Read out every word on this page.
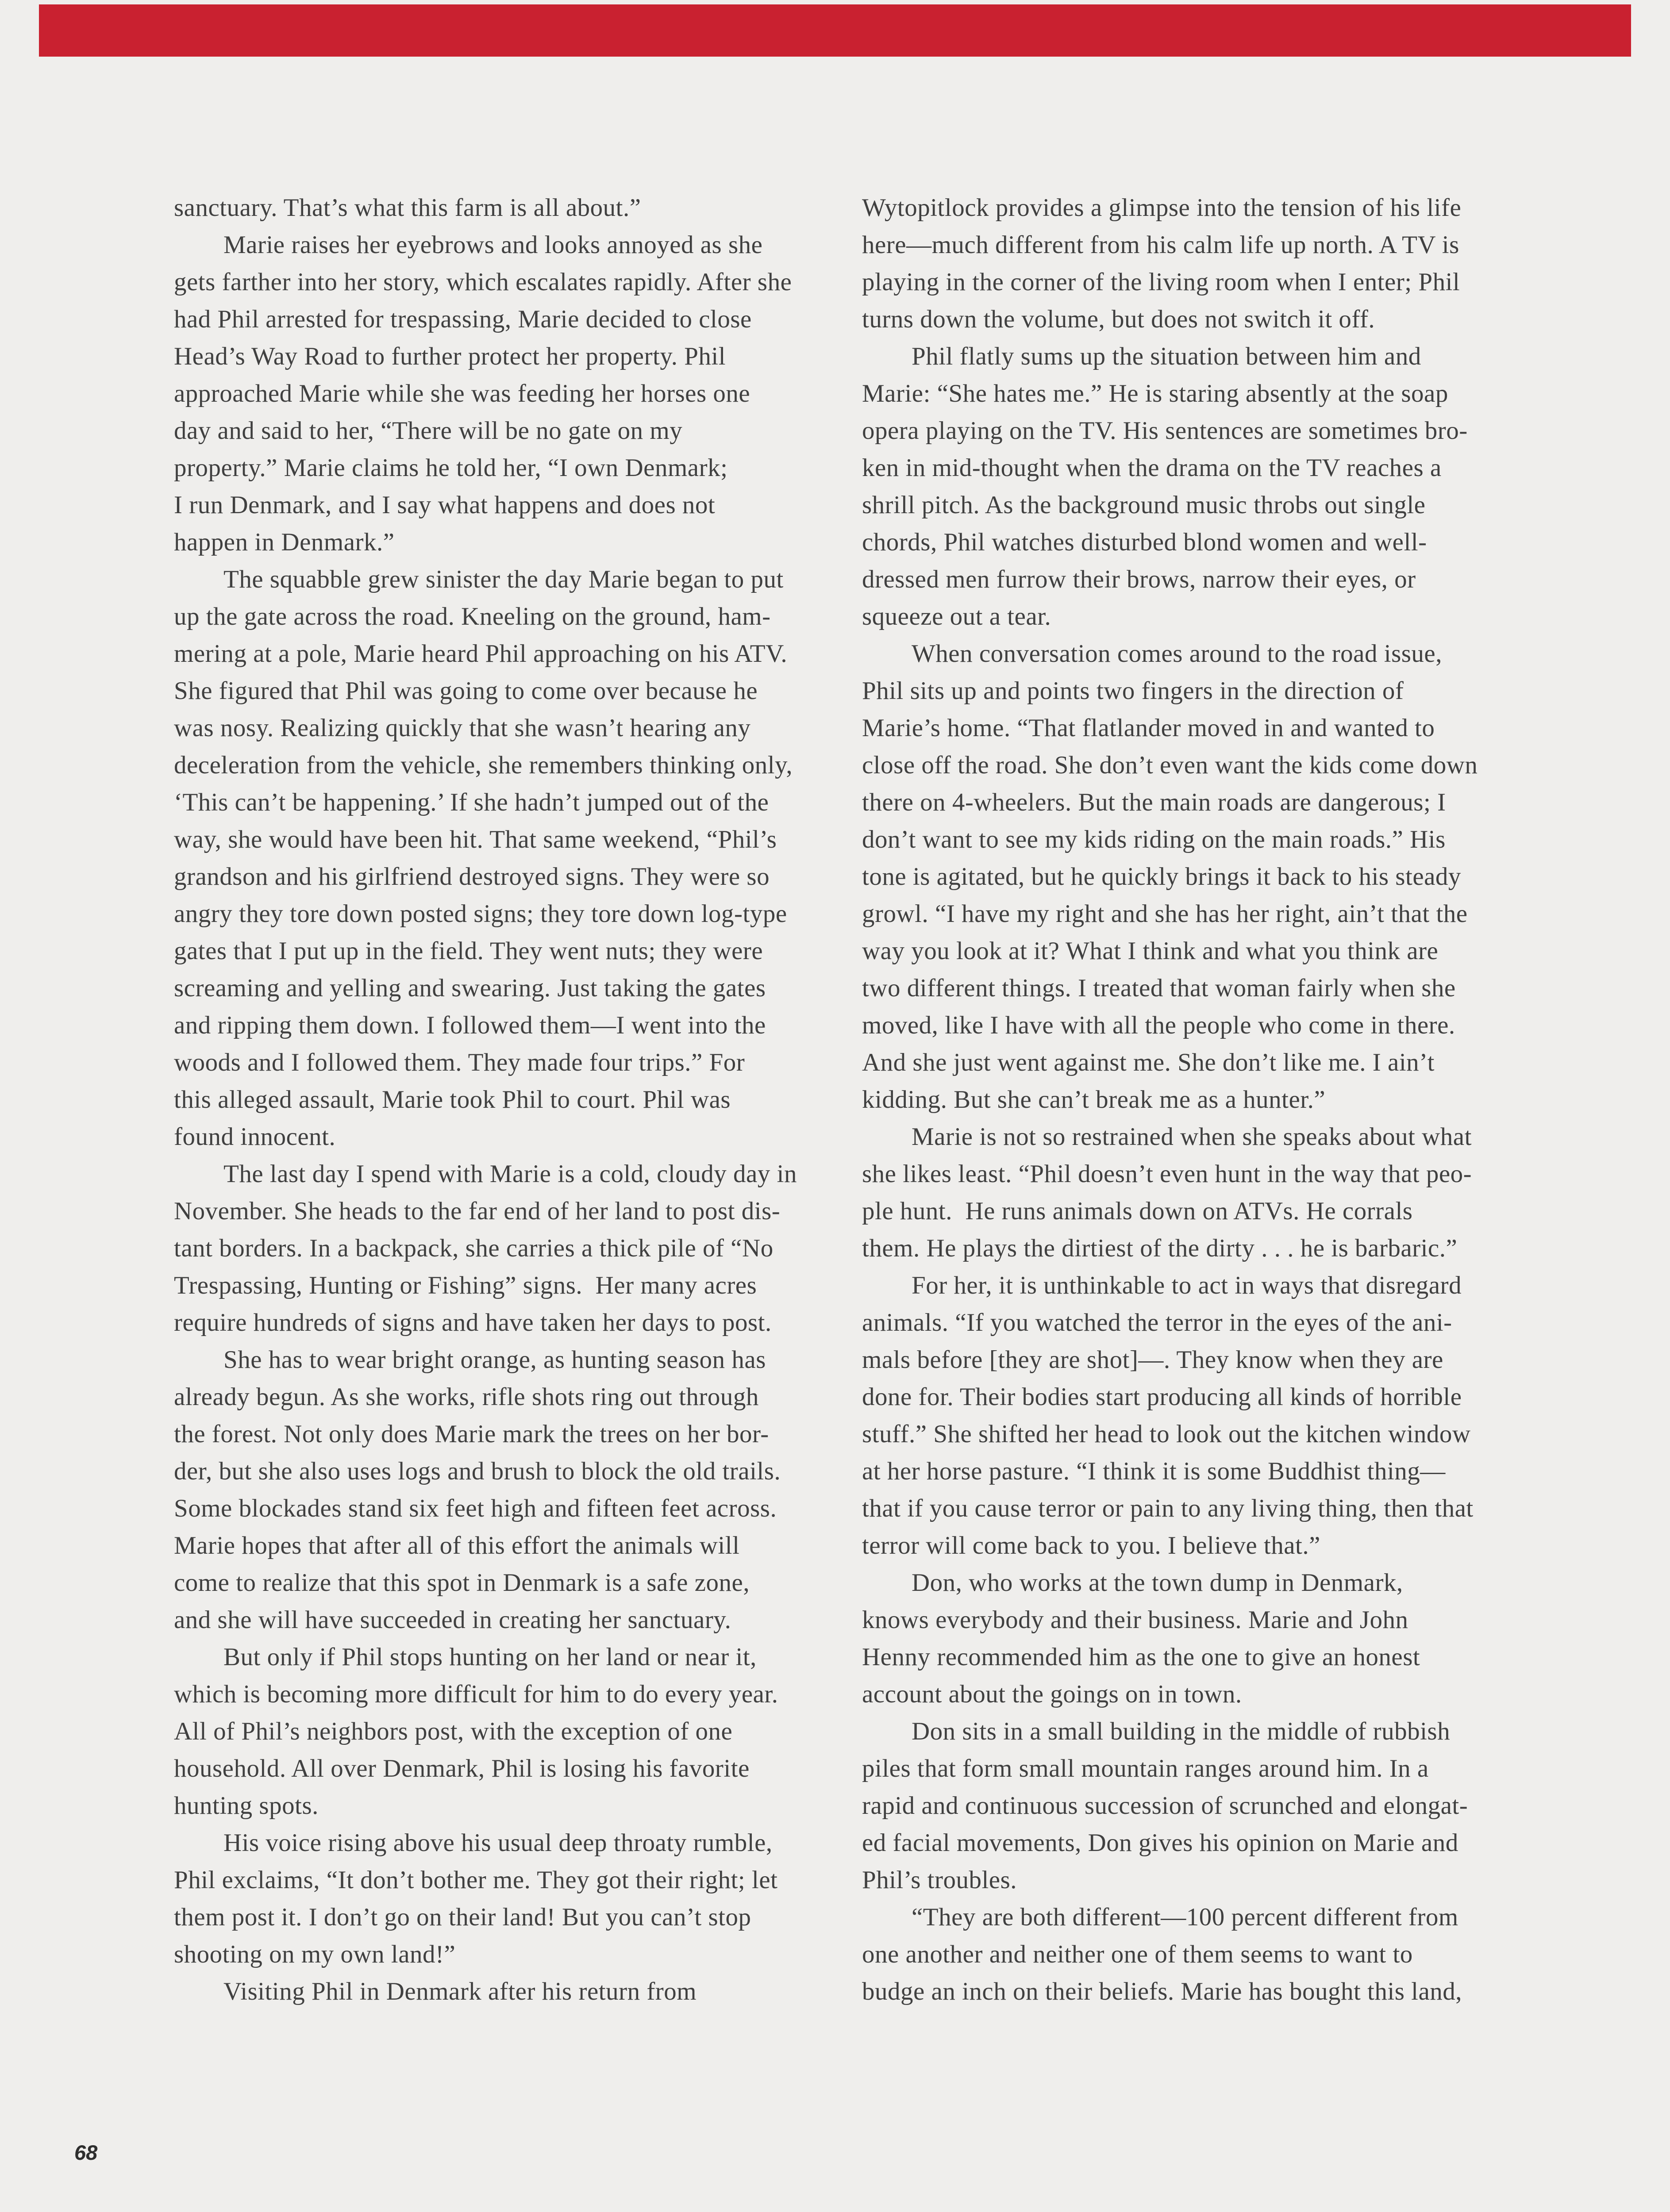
sanctuary. That’s what this farm is all about.”
Marie raises her eyebrows and looks annoyed as she
gets farther into her story, which escalates rapidly. After she
had Phil arrested for trespassing, Marie decided to close
Head’s Way Road to further protect her property. Phil
approached Marie while she was feeding her horses one
day and said to her, “There will be no gate on my
property.” Marie claims he told her, “I own Denmark;
I run Denmark, and I say what happens and does not
happen in Denmark.”
The squabble grew sinister the day Marie began to put
up the gate across the road. Kneeling on the ground, ham-
mering at a pole, Marie heard Phil approaching on his ATV.
She figured that Phil was going to come over because he
was nosy. Realizing quickly that she wasn’t hearing any
deceleration from the vehicle, she remembers thinking only,
‘This can’t be happening.’ If she hadn’t jumped out of the
way, she would have been hit. That same weekend, “Phil’s
grandson and his girlfriend destroyed signs. They were so
angry they tore down posted signs; they tore down log-type
gates that I put up in the field. They went nuts; they were
screaming and yelling and swearing. Just taking the gates
and ripping them down. I followed them—I went into the
woods and I followed them. They made four trips.” For
this alleged assault, Marie took Phil to court. Phil was
found innocent.
The last day I spend with Marie is a cold, cloudy day in
November. She heads to the far end of her land to post dis-
tant borders. In a backpack, she carries a thick pile of “No
Trespassing, Hunting or Fishing” signs.  Her many acres
require hundreds of signs and have taken her days to post.
She has to wear bright orange, as hunting season has
already begun. As she works, rifle shots ring out through
the forest. Not only does Marie mark the trees on her bor-
der, but she also uses logs and brush to block the old trails.
Some blockades stand six feet high and fifteen feet across.
Marie hopes that after all of this effort the animals will
come to realize that this spot in Denmark is a safe zone,
and she will have succeeded in creating her sanctuary.
But only if Phil stops hunting on her land or near it,
which is becoming more difficult for him to do every year.
All of Phil’s neighbors post, with the exception of one
household. All over Denmark, Phil is losing his favorite
hunting spots.
His voice rising above his usual deep throaty rumble,
Phil exclaims, “It don’t bother me. They got their right; let
them post it. I don’t go on their land! But you can’t stop
shooting on my own land!”
Visiting Phil in Denmark after his return from
Wytopitlock provides a glimpse into the tension of his life
here—much different from his calm life up north. A TV is
playing in the corner of the living room when I enter; Phil
turns down the volume, but does not switch it off.
Phil flatly sums up the situation between him and
Marie: “She hates me.” He is staring absently at the soap
opera playing on the TV. His sentences are sometimes bro-
ken in mid-thought when the drama on the TV reaches a
shrill pitch. As the background music throbs out single
chords, Phil watches disturbed blond women and well-
dressed men furrow their brows, narrow their eyes, or
squeeze out a tear.
When conversation comes around to the road issue,
Phil sits up and points two fingers in the direction of
Marie’s home. “That flatlander moved in and wanted to
close off the road. She don’t even want the kids come down
there on 4-wheelers. But the main roads are dangerous; I
don’t want to see my kids riding on the main roads.” His
tone is agitated, but he quickly brings it back to his steady
growl. “I have my right and she has her right, ain’t that the
way you look at it? What I think and what you think are
two different things. I treated that woman fairly when she
moved, like I have with all the people who come in there.
And she just went against me. She don’t like me. I ain’t
kidding. But she can’t break me as a hunter.”
Marie is not so restrained when she speaks about what
she likes least. “Phil doesn’t even hunt in the way that peo-
ple hunt.  He runs animals down on ATVs. He corrals
them. He plays the dirtiest of the dirty . . . he is barbaric.”
For her, it is unthinkable to act in ways that disregard
animals. “If you watched the terror in the eyes of the ani-
mals before [they are shot]—. They know when they are
done for. Their bodies start producing all kinds of horrible
stuff.” She shifted her head to look out the kitchen window
at her horse pasture. “I think it is some Buddhist thing—
that if you cause terror or pain to any living thing, then that
terror will come back to you. I believe that.”
Don, who works at the town dump in Denmark,
knows everybody and their business. Marie and John
Henny recommended him as the one to give an honest
account about the goings on in town.
Don sits in a small building in the middle of rubbish
piles that form small mountain ranges around him. In a
rapid and continuous succession of scrunched and elongat-
ed facial movements, Don gives his opinion on Marie and
Phil’s troubles.
“They are both different—100 percent different from
one another and neither one of them seems to want to
budge an inch on their beliefs. Marie has bought this land,
68
